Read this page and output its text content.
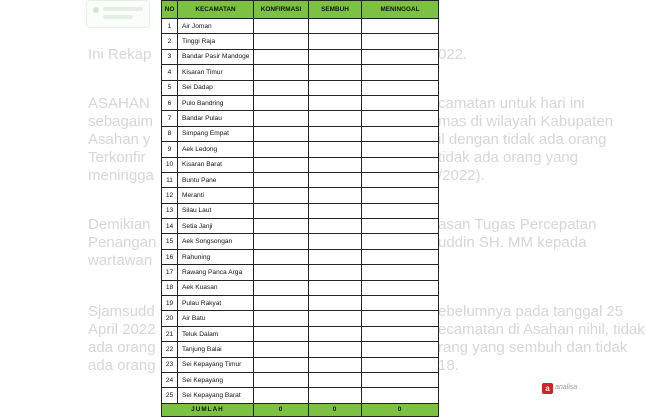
Ini Rekap	022.
ASAHAN	camatan untuk hari ini
sebagaim	mas di wilayah Kabupaten
Asahan y	il dengan tidak ada orang
Terkonfir	tidak ada orang yang
meningga	/2022).
Demikian	asan Tugas Percepatan
Penangan	uddin SH. MM kepada
wartawan
Sjamsudd	ebelumnya pada tanggal 25
April 2022	ecamatan di Asahan nihil, tidak
ada orang	rang yang sembuh dan tidak
ada orang	18.
NO	KECAMATAN	KONFIRMASI	SEMBUH	MENINGGAL
1	Air Joman			
2	Tinggi Raja			
3	Bandar Pasir Mandoge			
4	Kisaran Timur			
5	Sei Dadap			
6	Pulo Bandring			
7	Bandar Pulau			
8	Simpang Empat			
9	Aek Ledong			
10	Kisaran Barat			
11	Buntu Pane			
12	Meranti			
13	Silau Laut			
14	Setia Janji			
15	Aek Songsongan			
16	Rahuning			
17	Rawang Panca Arga			
18	Aek Kuasan			
19	Pulau Rakyat			
20	Air Batu			
21	Teluk Dalam			
22	Tanjung Balai			
23	Sei Kepayang Timur			
24	Sei Kepayang			
25	Sei Kepayang Barat			
JUMLAH		0	0	0
a analisa
